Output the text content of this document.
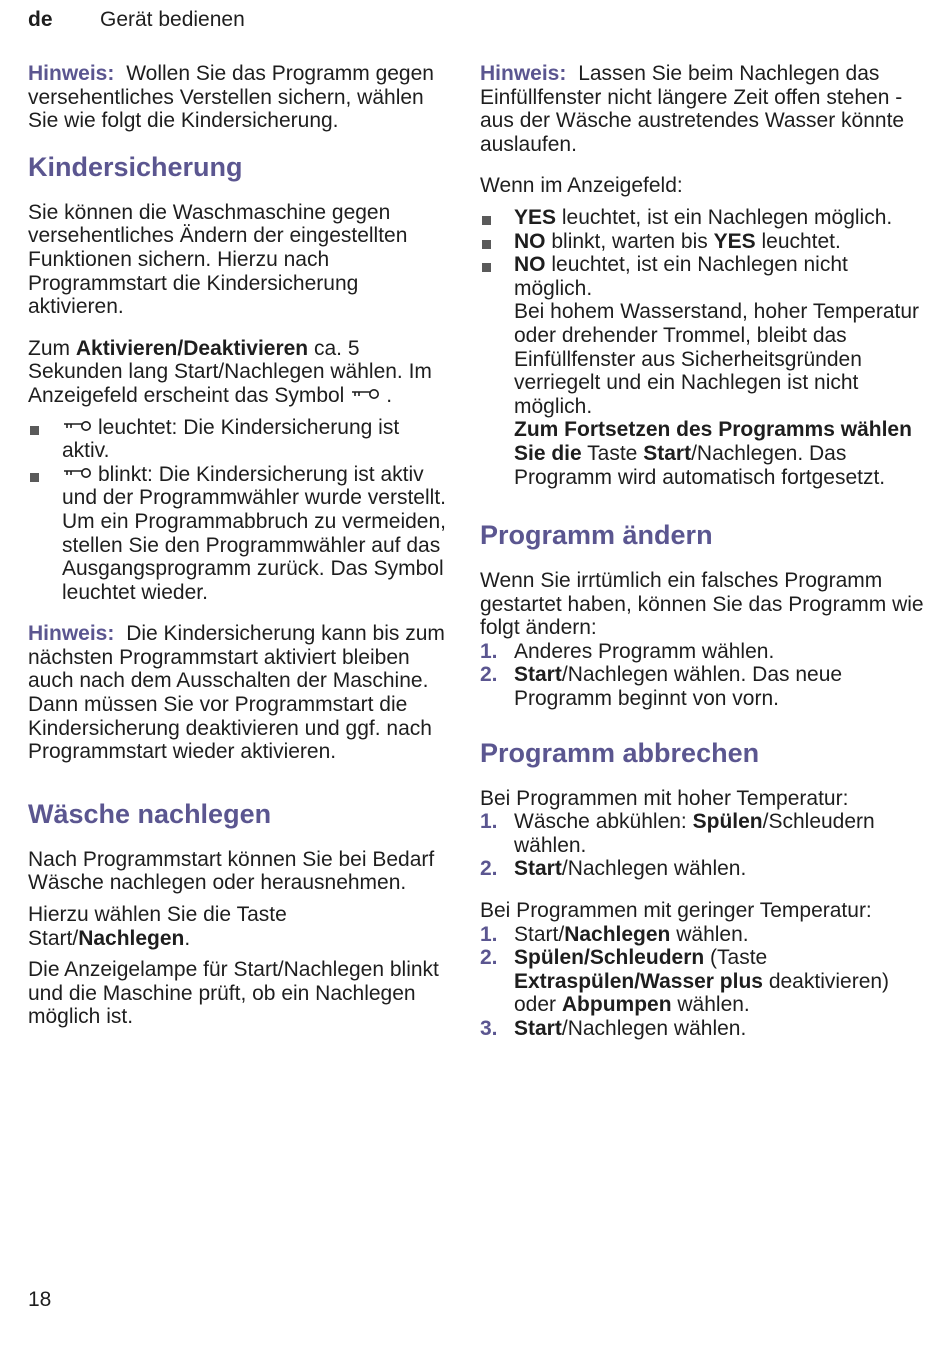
de Gerät bedienen

Hinweis: Wollen Sie das Programm gegen versehentliches Verstellen sichern, wählen Sie wie folgt die Kindersicherung.

Kindersicherung

Sie können die Waschmaschine gegen versehentliches Ändern der eingestellten Funktionen sichern. Hierzu nach Programmstart die Kindersicherung aktivieren.

Zum Aktivieren/Deaktivieren ca. 5 Sekunden lang Start/Nachlegen wählen. Im Anzeigefeld erscheint das Symbol .

leuchtet: Die Kindersicherung ist aktiv.
blinkt: Die Kindersicherung ist aktiv und der Programmwähler wurde verstellt. Um ein Programmabbruch zu vermeiden, stellen Sie den Programmwähler auf das Ausgangsprogramm zurück. Das Symbol leuchtet wieder.

Hinweis: Die Kindersicherung kann bis zum nächsten Programmstart aktiviert bleiben auch nach dem Ausschalten der Maschine.
Dann müssen Sie vor Programmstart die Kindersicherung deaktivieren und ggf. nach Programmstart wieder aktivieren.

Wäsche nachlegen

Nach Programmstart können Sie bei Bedarf Wäsche nachlegen oder herausnehmen.

Hierzu wählen Sie die Taste Start/Nachlegen.

Die Anzeigelampe für Start/Nachlegen blinkt und die Maschine prüft, ob ein Nachlegen möglich ist.

Hinweis: Lassen Sie beim Nachlegen das Einfüllfenster nicht längere Zeit offen stehen - aus der Wäsche austretendes Wasser könnte auslaufen.

Wenn im Anzeigefeld:

YES leuchtet, ist ein Nachlegen möglich.
NO blinkt, warten bis YES leuchtet.
NO leuchtet, ist ein Nachlegen nicht möglich.
Bei hohem Wasserstand, hoher Temperatur oder drehender Trommel, bleibt das Einfüllfenster aus Sicherheitsgründen verriegelt und ein Nachlegen ist nicht möglich.
Zum Fortsetzen des Programms wählen Sie die Taste Start/Nachlegen. Das Programm wird automatisch fortgesetzt.
Programm ändern

Wenn Sie irrtümlich ein falsches Programm gestartet haben, können Sie das Programm wie folgt ändern:

1. Anderes Programm wählen.
2. Start/Nachlegen wählen. Das neue Programm beginnt von vorn.
Programm abbrechen

Bei Programmen mit hoher Temperatur:

1. Wäsche abkühlen: Spülen/Schleudern wählen.
2. Start/Nachlegen wählen.

Bei Programmen mit geringer Temperatur:

1. Start/Nachlegen wählen.
2. Spülen/Schleudern (Taste Extraspülen/Wasser plus deaktivieren) oder Abpumpen wählen.
3. Start/Nachlegen wählen.
18
